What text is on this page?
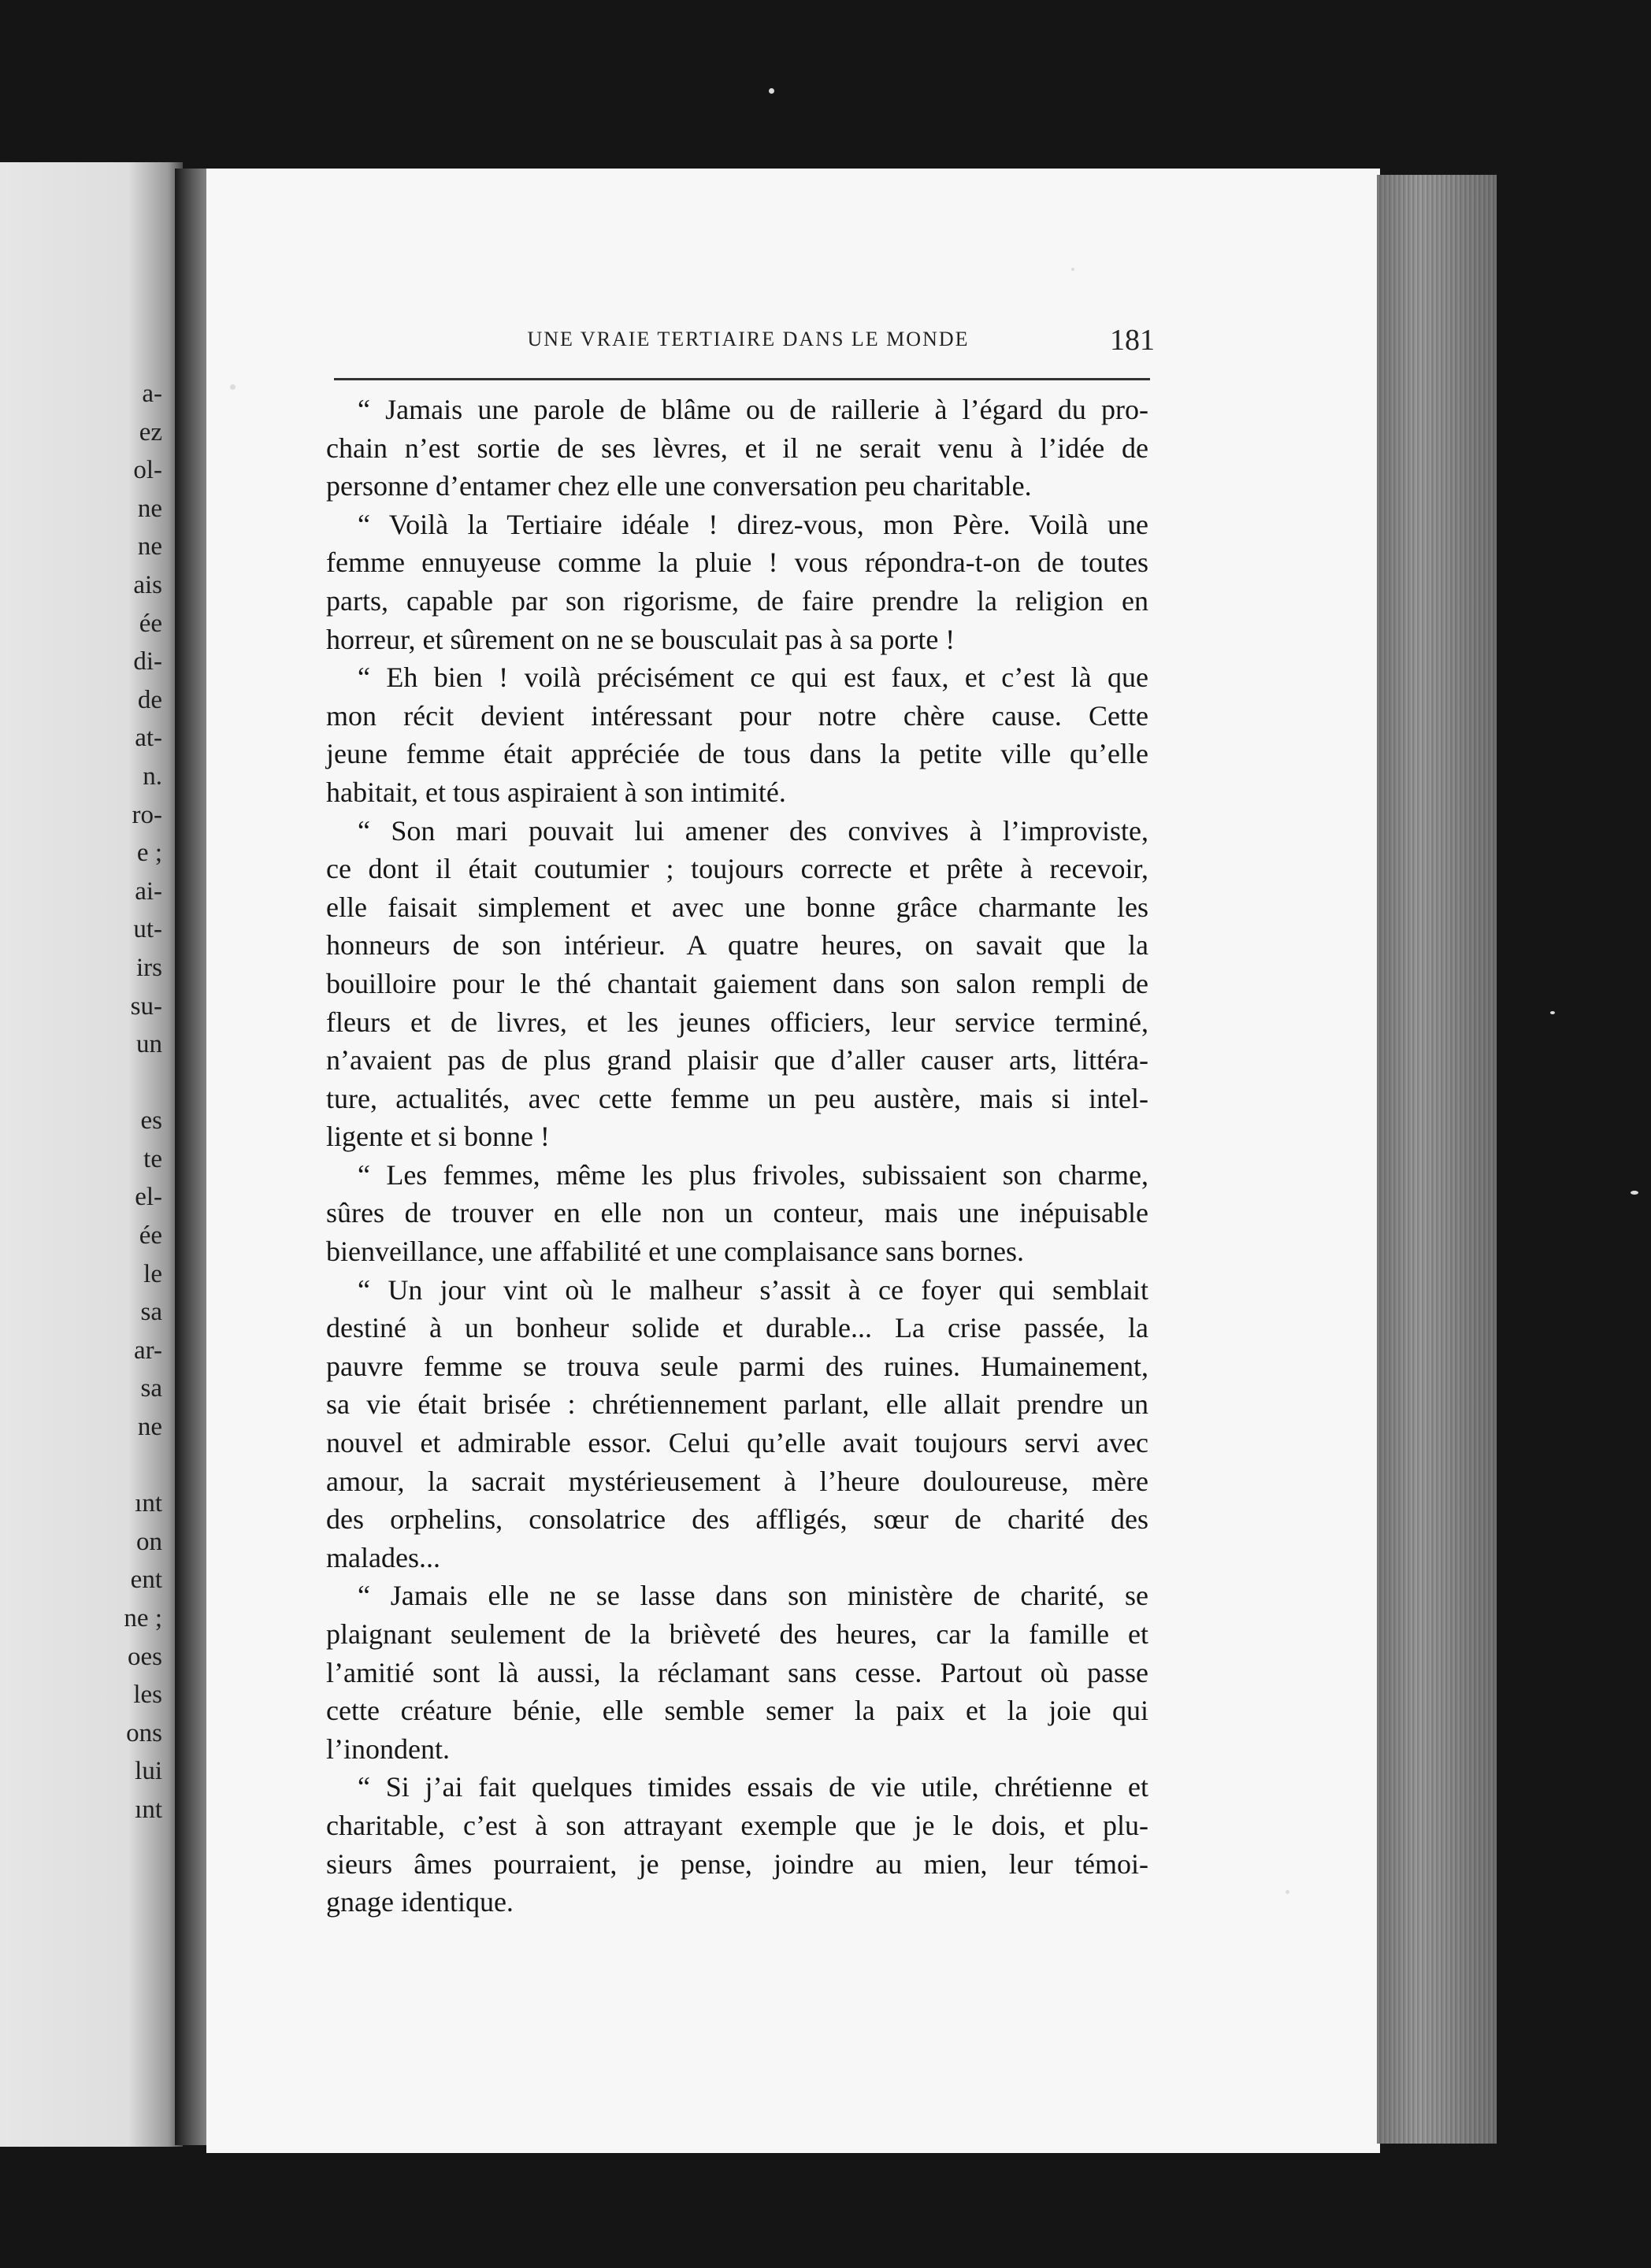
a-
ez
ol-
ne
ne
ais
ée
di-
de
at-
n.
ro-
e ;
ai-
ut-
irs
su-
un
es
te
el-
ée
le
sa
ar-
sa
ne
ınt
on
ent
ne ;
oes
les
ons
lui
ınt
UNE VRAIE TERTIAIRE DANS LE MONDE	181
“ Jamais une parole de blâme ou de raillerie à l’égard du pro-
chain n’est sortie de ses lèvres, et il ne serait venu à l’idée de
personne d’entamer chez elle une conversation peu charitable.
“ Voilà la Tertiaire idéale ! direz-vous, mon Père. Voilà une
femme ennuyeuse comme la pluie ! vous répondra-t-on de toutes
parts, capable par son rigorisme, de faire prendre la religion en
horreur, et sûrement on ne se bousculait pas à sa porte !
“ Eh bien ! voilà précisément ce qui est faux, et c’est là que
mon récit devient intéressant pour notre chère cause. Cette
jeune femme était appréciée de tous dans la petite ville qu’elle
habitait, et tous aspiraient à son intimité.
“ Son mari pouvait lui amener des convives à l’improviste,
ce dont il était coutumier ; toujours correcte et prête à recevoir,
elle faisait simplement et avec une bonne grâce charmante les
honneurs de son intérieur. A quatre heures, on savait que la
bouilloire pour le thé chantait gaiement dans son salon rempli de
fleurs et de livres, et les jeunes officiers, leur service terminé,
n’avaient pas de plus grand plaisir que d’aller causer arts, littéra-
ture, actualités, avec cette femme un peu austère, mais si intel-
ligente et si bonne !
“ Les femmes, même les plus frivoles, subissaient son charme,
sûres de trouver en elle non un conteur, mais une inépuisable
bienveillance, une affabilité et une complaisance sans bornes.
“ Un jour vint où le malheur s’assit à ce foyer qui semblait
destiné à un bonheur solide et durable... La crise passée, la
pauvre femme se trouva seule parmi des ruines. Humainement,
sa vie était brisée : chrétiennement parlant, elle allait prendre un
nouvel et admirable essor. Celui qu’elle avait toujours servi avec
amour, la sacrait mystérieusement à l’heure douloureuse, mère
des orphelins, consolatrice des affligés, sœur de charité des
malades...
“ Jamais elle ne se lasse dans son ministère de charité, se
plaignant seulement de la brièveté des heures, car la famille et
l’amitié sont là aussi, la réclamant sans cesse. Partout où passe
cette créature bénie, elle semble semer la paix et la joie qui
l’inondent.
“ Si j’ai fait quelques timides essais de vie utile, chrétienne et
charitable, c’est à son attrayant exemple que je le dois, et plu-
sieurs âmes pourraient, je pense, joindre au mien, leur témoi-
gnage identique.
